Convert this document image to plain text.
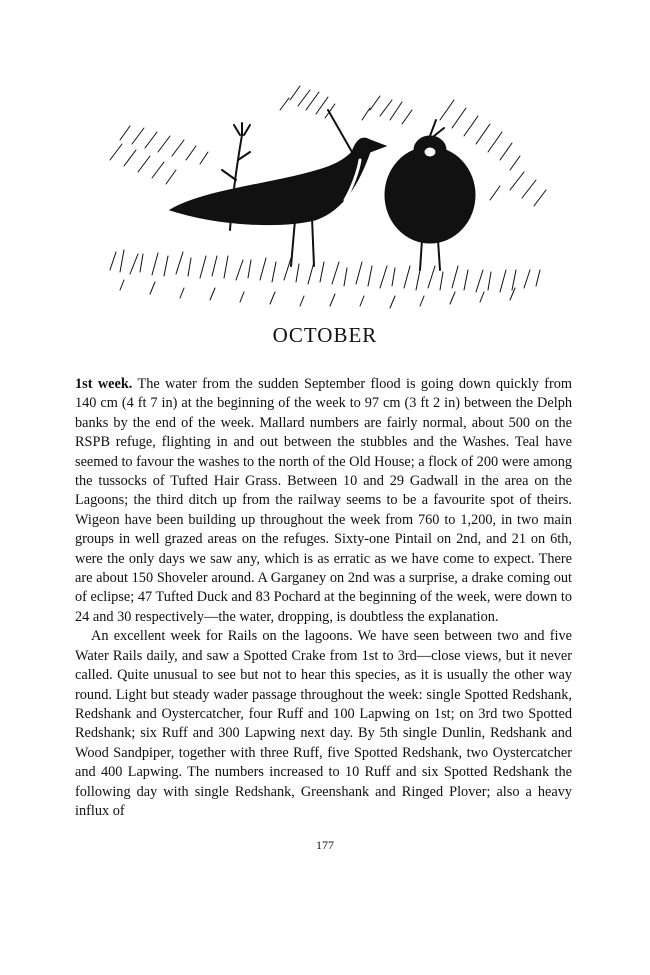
OCTOBER

1st week. The water from the sudden September flood is going down quickly from 140 cm (4 ft 7 in) at the beginning of the week to 97 cm (3 ft 2 in) between the Delph banks by the end of the week. Mallard numbers are fairly normal, about 500 on the RSPB refuge, flighting in and out between the stubbles and the Washes. Teal have seemed to favour the washes to the north of the Old House; a flock of 200 were among the tussocks of Tufted Hair Grass. Between 10 and 29 Gadwall in the area on the Lagoons; the third ditch up from the railway seems to be a favourite spot of theirs. Wigeon have been building up throughout the week from 760 to 1,200, in two main groups in well grazed areas on the refuges. Sixty-one Pintail on 2nd, and 21 on 6th, were the only days we saw any, which is as erratic as we have come to expect. There are about 150 Shoveler around. A Garganey on 2nd was a surprise, a drake coming out of eclipse; 47 Tufted Duck and 83 Pochard at the beginning of the week, were down to 24 and 30 respectively—the water, dropping, is doubtless the explanation.

An excellent week for Rails on the lagoons. We have seen between two and five Water Rails daily, and saw a Spotted Crake from 1st to 3rd—close views, but it never called. Quite unusual to see but not to hear this species, as it is usually the other way round. Light but steady wader passage throughout the week: single Spotted Redshank, Redshank and Oystercatcher, four Ruff and 100 Lapwing on 1st; on 3rd two Spotted Redshank; six Ruff and 300 Lapwing next day. By 5th single Dunlin, Redshank and Wood Sandpiper, together with three Ruff, five Spotted Redshank, two Oystercatcher and 400 Lapwing. The numbers increased to 10 Ruff and six Spotted Redshank the following day with single Redshank, Greenshank and Ringed Plover; also a heavy influx of

177
